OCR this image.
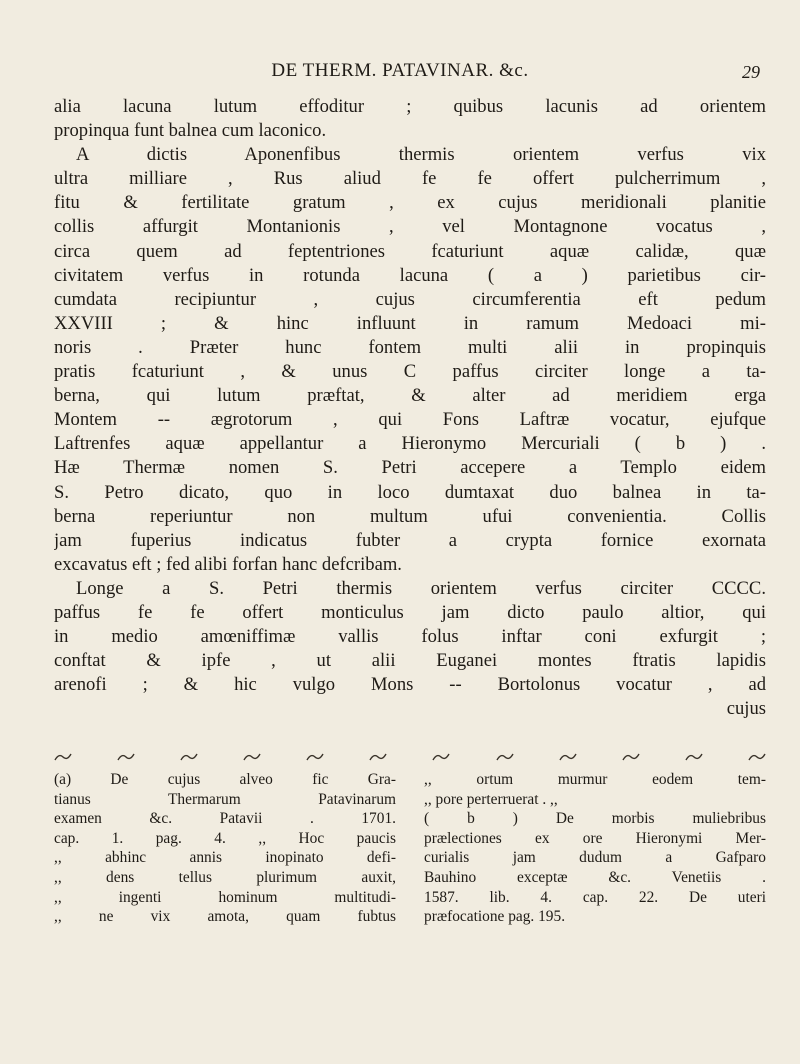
DE THERM. PATAVINAR. &c.	29
alia lacuna lutum effoditur ; quibus lacunis ad orientem
propinqua funt balnea cum laconico.
A dictis Aponenfibus thermis orientem verfus vix
ultra milliare , Rus aliud fe fe offert pulcherrimum ,
fitu & fertilitate gratum , ex cujus meridionali planitie
collis affurgit Montanionis , vel Montagnone vocatus ,
circa quem ad feptentriones fcaturiunt aquæ calidæ, quæ
civitatem verfus in rotunda lacuna ( a ) parietibus cir-
cumdata recipiuntur , cujus circumferentia eft pedum
XXVIII ; & hinc influunt in ramum Medoaci mi-
noris . Præter hunc fontem multi alii in propinquis
pratis fcaturiunt , & unus C paffus circiter longe a ta-
berna, qui lutum præftat, & alter ad meridiem erga
Montem -- ægrotorum , qui Fons Laftræ vocatur, ejufque
Laftrenfes aquæ appellantur a Hieronymo Mercuriali ( b ) .
Hæ Thermæ nomen S. Petri accepere a Templo eidem
S. Petro dicato, quo in loco dumtaxat duo balnea in ta-
berna reperiuntur non multum ufui convenientia. Collis
jam fuperius indicatus fubter a crypta fornice exornata
excavatus eft ; fed alibi forfan hanc defcribam.
Longe a S. Petri thermis orientem verfus circiter CCCC.
paffus fe fe offert monticulus jam dicto paulo altior, qui
in medio amœniffimæ vallis folus inftar coni exfurgit ;
conftat & ipfe , ut alii Euganei montes ftratis lapidis
arenofi ; & hic vulgo Mons -- Bortolonus vocatur , ad
cujus
(a) De cujus alveo fic Gra-
tianus Thermarum Patavinarum
examen &c. Patavii . 1701.
cap. 1. pag. 4. ,, Hoc paucis
,, abhinc annis inopinato defi-
,, dens tellus plurimum auxit,
,, ingenti hominum multitudi-
,, ne vix amota, quam fubtus
,, ortum murmur eodem tem-
,, pore perterruerat . ,,
( b ) De morbis muliebribus
prælectiones ex ore Hieronymi Mer-
curialis jam dudum a Gafparo
Bauhino exceptæ &c. Venetiis .
1587. lib. 4. cap. 22. De uteri
præfocatione pag. 195.
